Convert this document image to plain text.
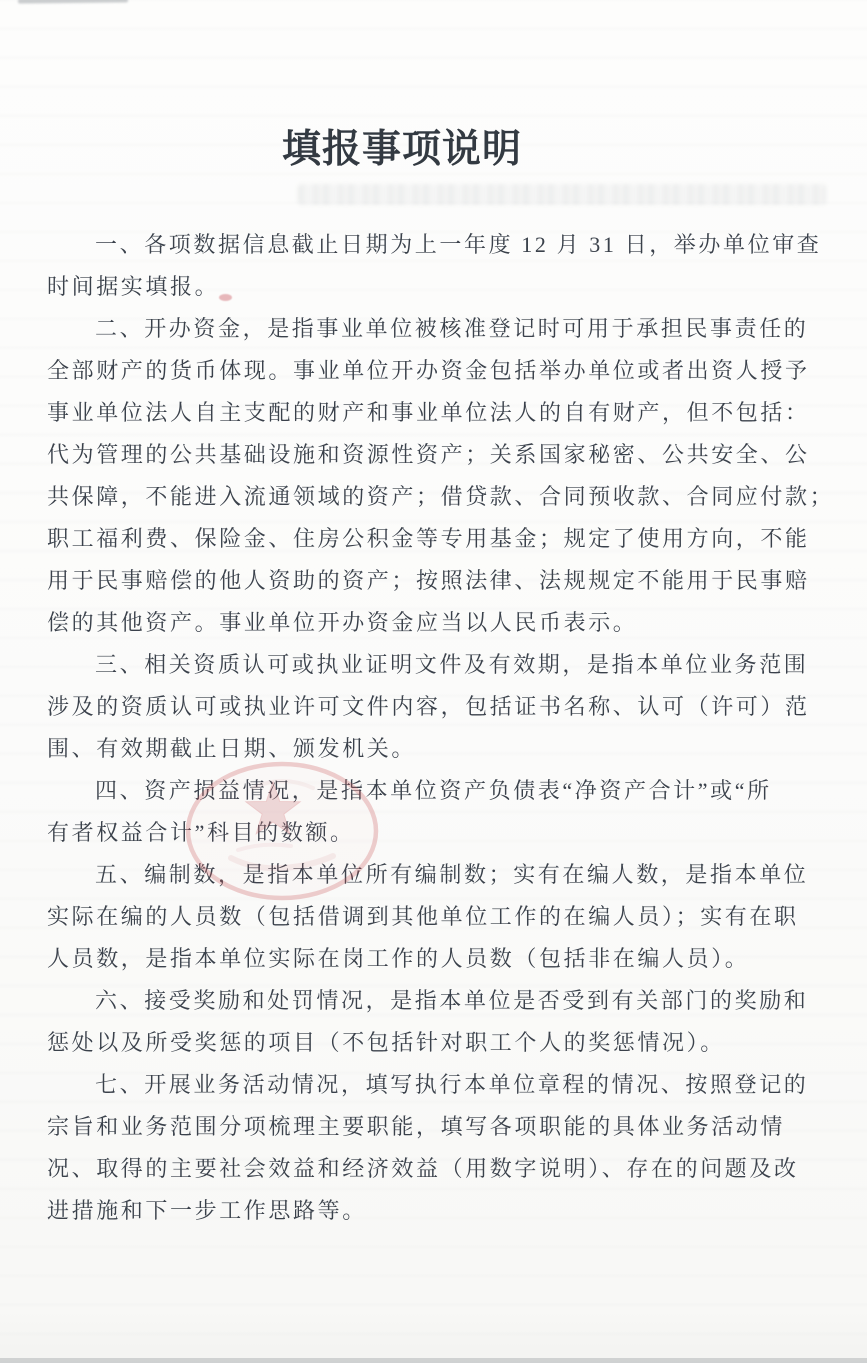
填报事项说明
一、各项数据信息截止日期为上一年度 12 月 31 日，举办单位审查
时间据实填报。
二、开办资金，是指事业单位被核准登记时可用于承担民事责任的
全部财产的货币体现。事业单位开办资金包括举办单位或者出资人授予
事业单位法人自主支配的财产和事业单位法人的自有财产，但不包括：
代为管理的公共基础设施和资源性资产；关系国家秘密、公共安全、公
共保障，不能进入流通领域的资产；借贷款、合同预收款、合同应付款；
职工福利费、保险金、住房公积金等专用基金；规定了使用方向，不能
用于民事赔偿的他人资助的资产；按照法律、法规规定不能用于民事赔
偿的其他资产。事业单位开办资金应当以人民币表示。
三、相关资质认可或执业证明文件及有效期，是指本单位业务范围
涉及的资质认可或执业许可文件内容，包括证书名称、认可（许可）范
围、有效期截止日期、颁发机关。
四、资产损益情况，是指本单位资产负债表“净资产合计”或“所
有者权益合计”科目的数额。
五、编制数，是指本单位所有编制数；实有在编人数，是指本单位
实际在编的人员数（包括借调到其他单位工作的在编人员）；实有在职
人员数，是指本单位实际在岗工作的人员数（包括非在编人员）。
六、接受奖励和处罚情况，是指本单位是否受到有关部门的奖励和
惩处以及所受奖惩的项目（不包括针对职工个人的奖惩情况）。
七、开展业务活动情况，填写执行本单位章程的情况、按照登记的
宗旨和业务范围分项梳理主要职能，填写各项职能的具体业务活动情
况、取得的主要社会效益和经济效益（用数字说明）、存在的问题及改
进措施和下一步工作思路等。
